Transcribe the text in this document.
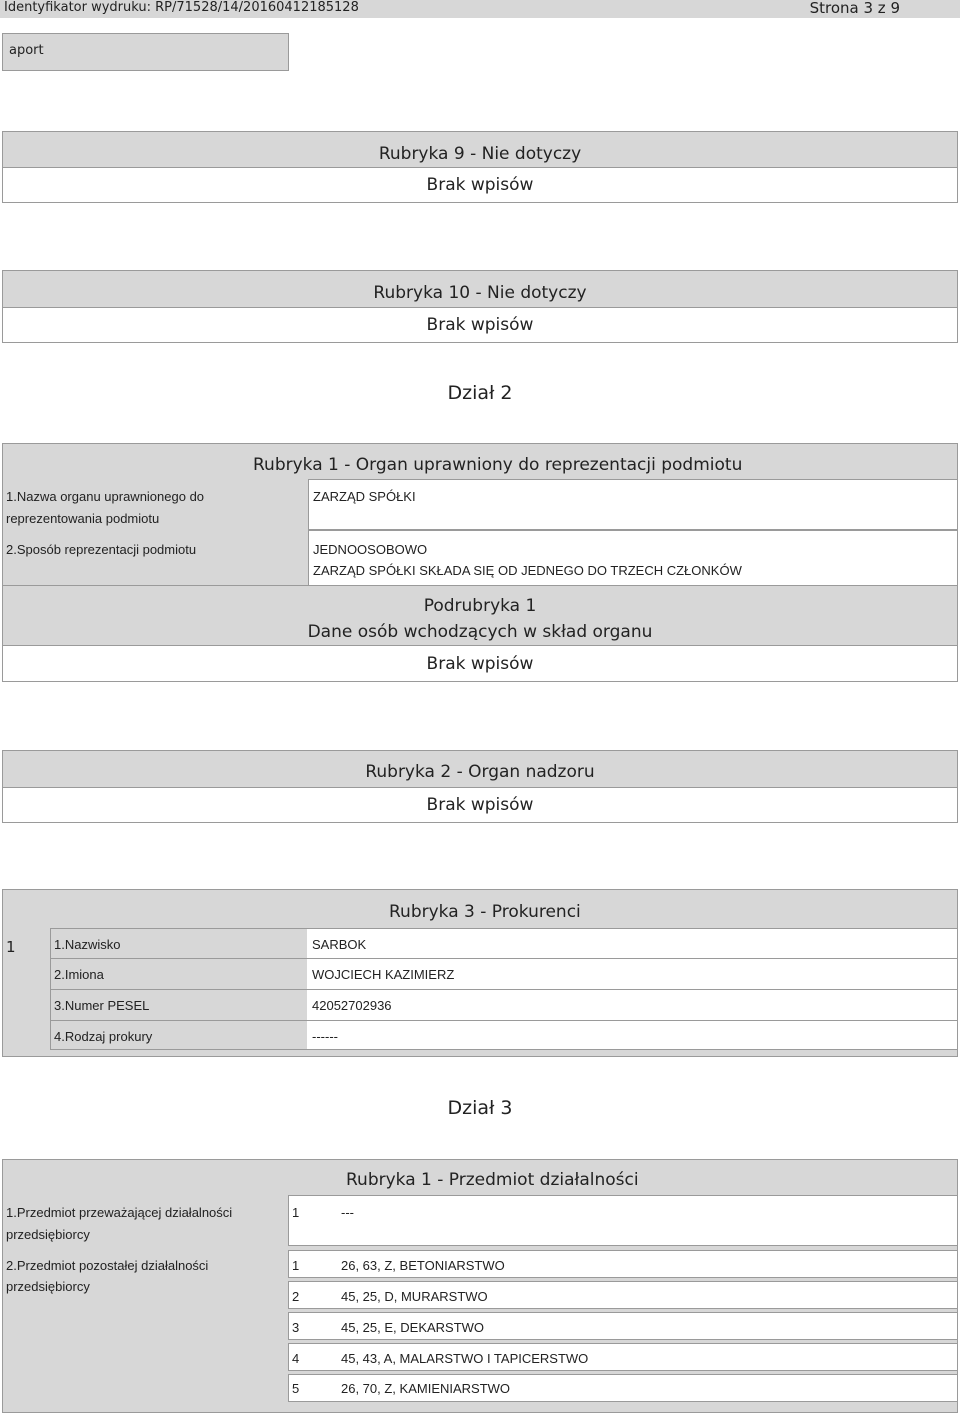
Identyfikator wydruku: RP/71528/14/20160412185128	Strona 3 z 9
aport
Rubryka 9 - Nie dotyczy
Brak wpisów
Rubryka 10 - Nie dotyczy
Brak wpisów
Dział 2
Rubryka 1 - Organ uprawniony do reprezentacji podmiotu
1.Nazwa organu uprawnionego do
reprezentowania podmiotu
ZARZĄD SPÓŁKI
2.Sposób reprezentacji podmiotu	JEDNOOSOBOWO
ZARZĄD SPÓŁKI SKŁADA SIĘ OD JEDNEGO DO TRZECH CZŁONKÓW
Podrubryka 1
Dane osób wchodzących w skład organu
Brak wpisów
Rubryka 2 - Organ nadzoru
Brak wpisów
Rubryka 3 - Prokurenci
1	1.Nazwisko	SARBOK
2.Imiona	WOJCIECH KAZIMIERZ
3.Numer PESEL	42052702936
4.Rodzaj prokury	------
Dział 3
Rubryka 1 - Przedmiot działalności
1.Przedmiot przeważającej działalności
przedsiębiorcy
1	---
2.Przedmiot pozostałej działalności
przedsiębiorcy
1	26, 63, Z, BETONIARSTWO
2	45, 25, D, MURARSTWO
3	45, 25, E, DEKARSTWO
4	45, 43, A, MALARSTWO I TAPICERSTWO
5	26, 70, Z, KAMIENIARSTWO
